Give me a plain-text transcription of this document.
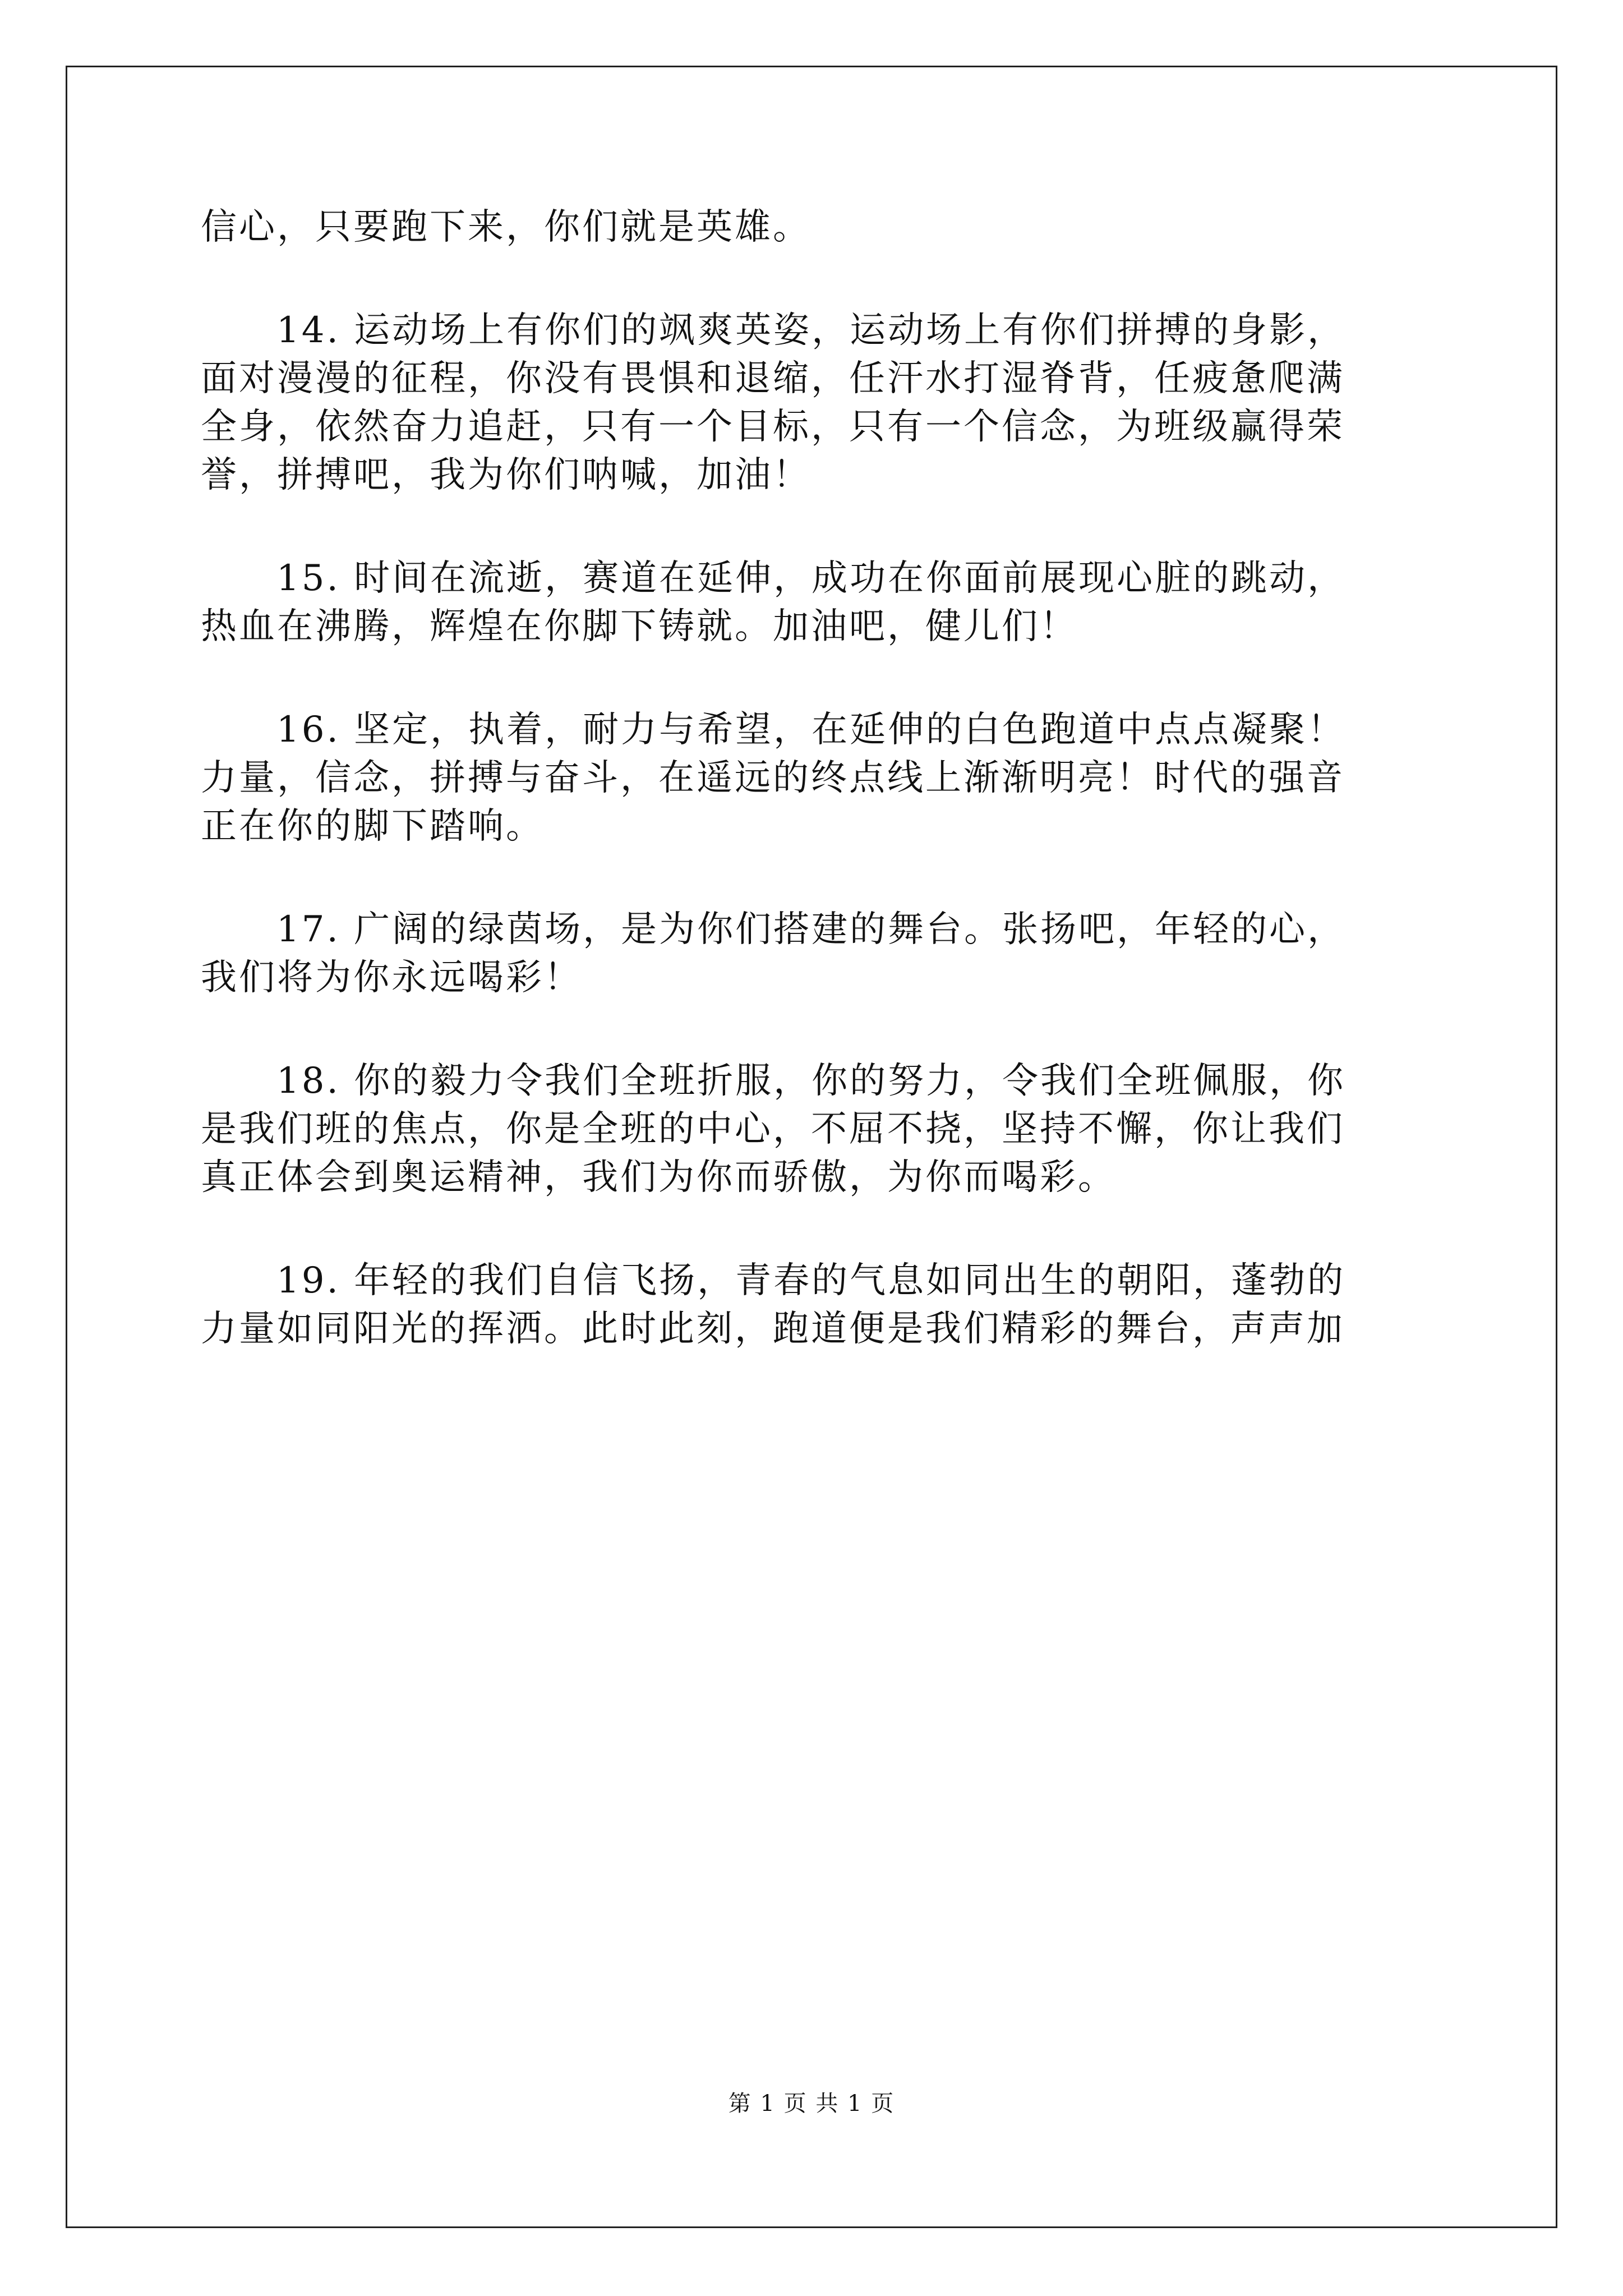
信心，只要跑下来，你们就是英雄。
14. 运动场上有你们的飒爽英姿，运动场上有你们拼搏的身影，
面对漫漫的征程，你没有畏惧和退缩，任汗水打湿脊背，任疲惫爬满
全身，依然奋力追赶，只有一个目标，只有一个信念，为班级赢得荣
誉，拼搏吧，我为你们呐喊，加油！
15. 时间在流逝，赛道在延伸，成功在你面前展现心脏的跳动，
热血在沸腾，辉煌在你脚下铸就。加油吧，健儿们！
16. 坚定，执着，耐力与希望，在延伸的白色跑道中点点凝聚！
力量，信念，拼搏与奋斗，在遥远的终点线上渐渐明亮！时代的强音
正在你的脚下踏响。
17. 广阔的绿茵场，是为你们搭建的舞台。张扬吧，年轻的心，
我们将为你永远喝彩！
18. 你的毅力令我们全班折服，你的努力，令我们全班佩服，你
是我们班的焦点，你是全班的中心，不屈不挠，坚持不懈，你让我们
真正体会到奥运精神，我们为你而骄傲，为你而喝彩。
19. 年轻的我们自信飞扬，青春的气息如同出生的朝阳，蓬勃的
力量如同阳光的挥洒。此时此刻，跑道便是我们精彩的舞台，声声加
第 1 页 共 1 页
